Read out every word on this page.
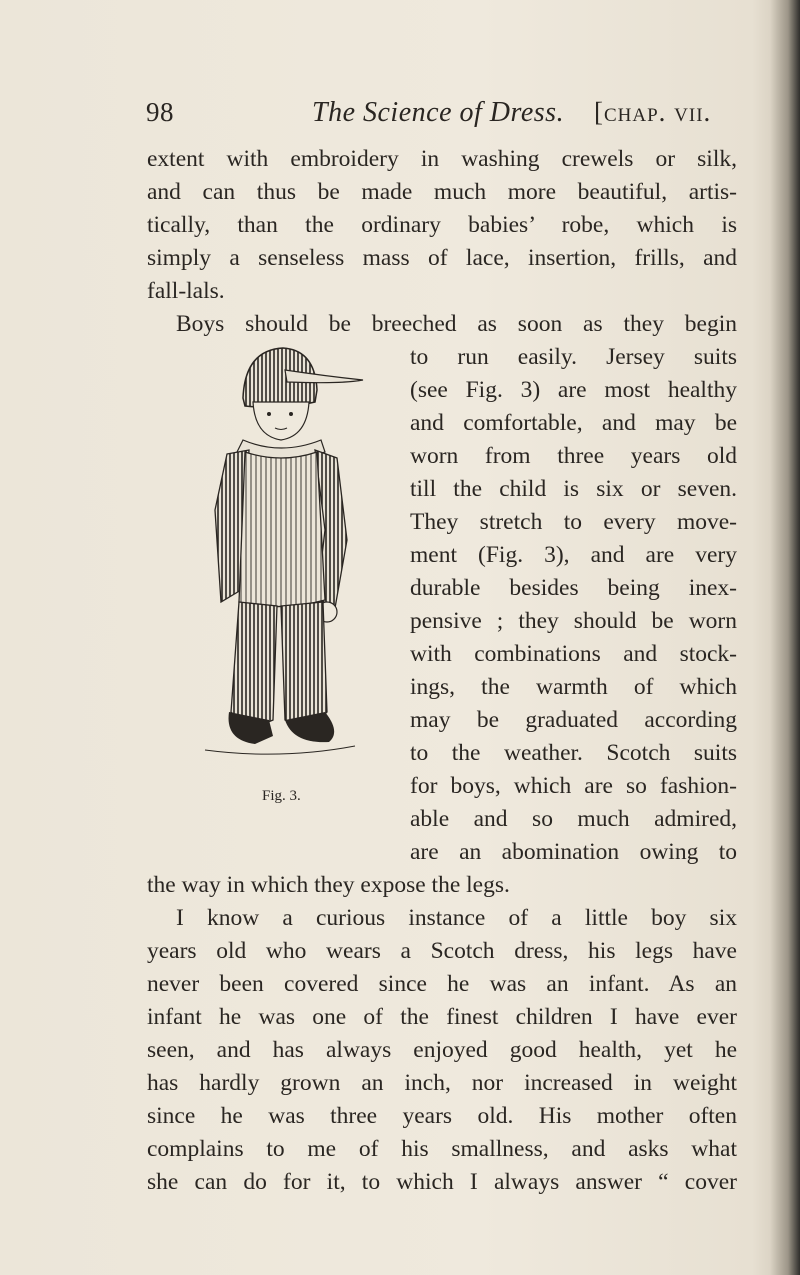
98	The Science of Dress. [chap. vii.
extent with embroidery in washing crewels or silk,
and can thus be made much more beautiful, artis-
tically, than the ordinary babies’ robe, which is
simply a senseless mass of lace, insertion, frills, and
fall-lals.
Boys should be breeched as soon as they begin
to run easily. Jersey suits
(see Fig. 3) are most healthy
and comfortable, and may be
worn from three years old
till the child is six or seven.
They stretch to every move-
ment (Fig. 3), and are very
durable besides being inex-
pensive ; they should be worn
with combinations and stock-
ings, the warmth of which
may be graduated according
to the weather. Scotch suits
for boys, which are so fashion-
able and so much admired,
are an abomination owing to
the way in which they expose the legs.
I know a curious instance of a little boy six
years old who wears a Scotch dress, his legs have
never been covered since he was an infant. As an
infant he was one of the finest children I have ever
seen, and has always enjoyed good health, yet he
has hardly grown an inch, nor increased in weight
since he was three years old. His mother often
complains to me of his smallness, and asks what
she can do for it, to which I always answer “ cover
Fig. 3.
